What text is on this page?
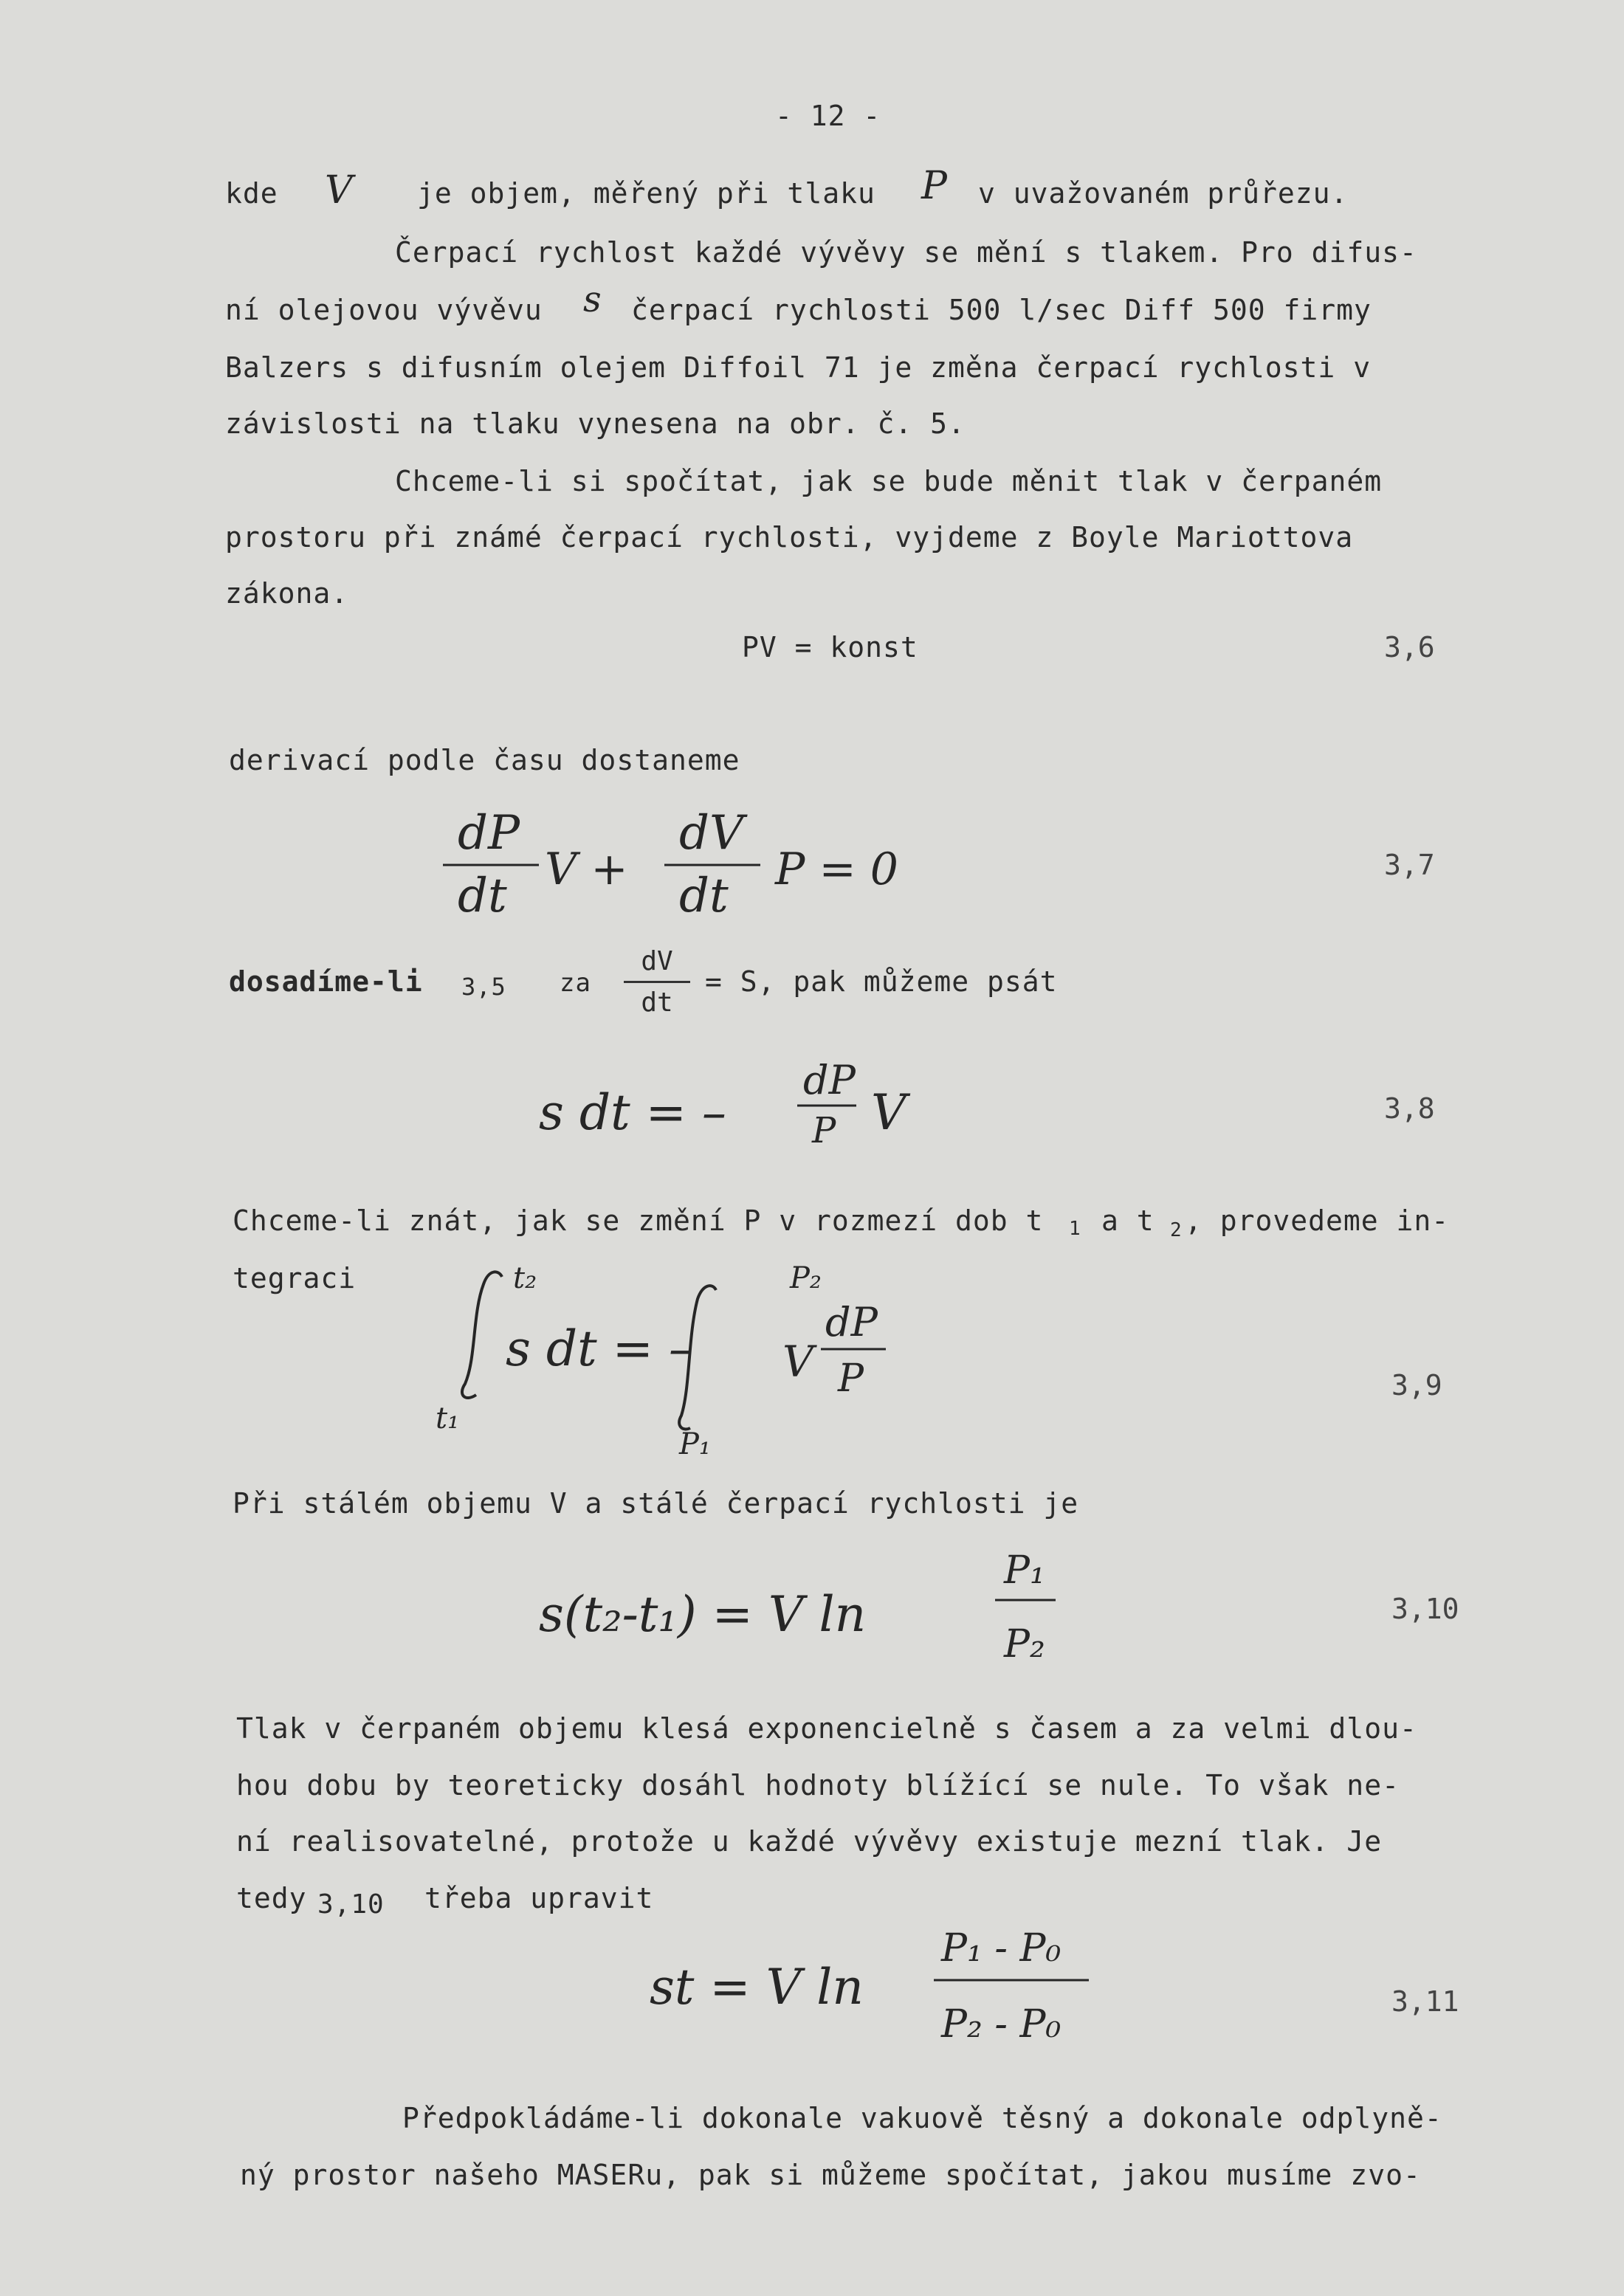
- 12 -
kde V je objem, měřený při tlaku P v uvažovaném průřezu.
Čerpací rychlost každé vývěvy se mění s tlakem. Pro difus-
ní olejovou vývěvu s čerpací rychlosti 500 l/sec Diff 500 firmy
Balzers s difusním olejem Diffoil 71 je změna čerpací rychlosti v
závislosti na tlaku vynesena na obr. č. 5.
Chceme-li si spočítat, jak se bude měnit tlak v čerpaném
prostoru při známé čerpací rychlosti, vyjdeme z Boyle Mariottova
zákona.
PV = konst	3,6
derivací podle času dostaneme
dP
dt V +
dV
dt P = 0	3,7
dosadíme-li 3,5 za
dV
dt
= S, pak můžeme psát
s dt = –
dP
P V	3,8
Chceme-li znát, jak se změní P v rozmezí dob t 1 a t 2 , provedeme in-
tegraci	t₂
t₁
s dt = –
P₂
P₁
V
dP
P	3,9
Při stálém objemu V a stálé čerpací rychlosti je
s(t₂-t₁) = V ln
P₁
P₂
3,10
Tlak v čerpaném objemu klesá exponencielně s časem a za velmi dlou-
hou dobu by teoreticky dosáhl hodnoty blížící se nule. To však ne-
ní realisovatelné, protože u každé vývěvy existuje mezní tlak. Je
tedy 3,10 třeba upravit
st = V ln
P₁ - P₀
P₂ - P₀
3,11
Předpokládáme-li dokonale vakuově těsný a dokonale odplyně-
ný prostor našeho MASERu, pak si můžeme spočítat, jakou musíme zvo-
